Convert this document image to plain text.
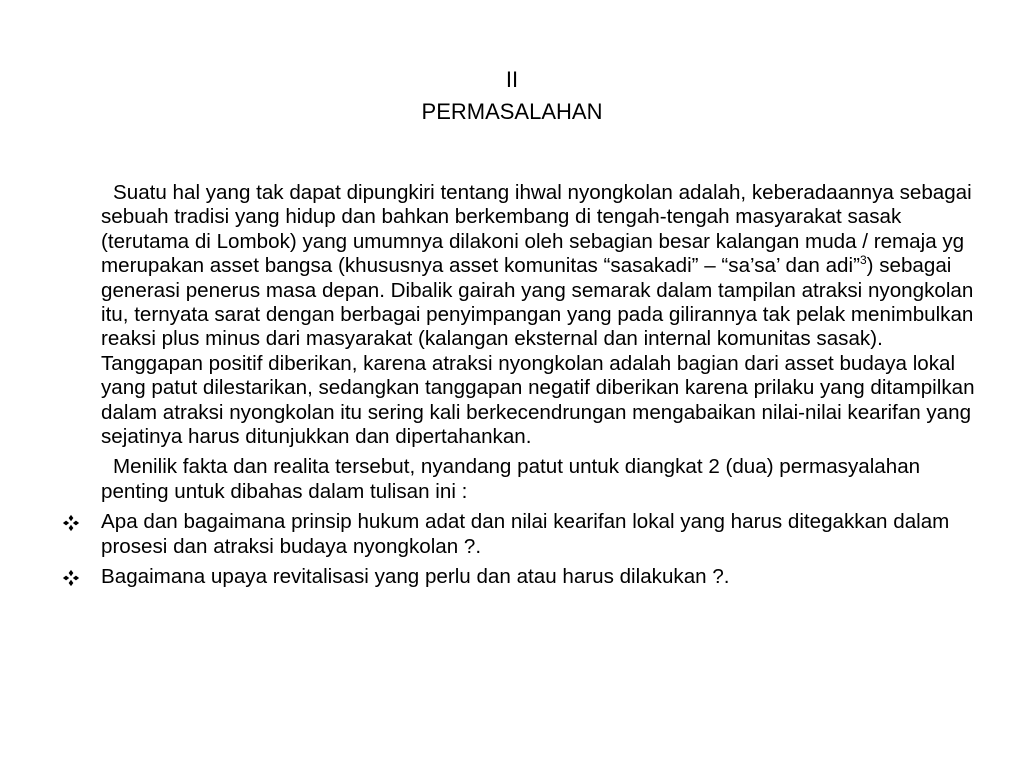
II
PERMASALAHAN

Suatu hal yang tak dapat dipungkiri tentang ihwal nyongkolan adalah, keberadaannya sebagai sebuah tradisi yang hidup dan bahkan berkembang di tengah-tengah masyarakat sasak (terutama di Lombok) yang umumnya dilakoni oleh sebagian besar kalangan muda / remaja yg merupakan asset bangsa (khususnya asset komunitas “sasakadi” – “sa’sa’ dan adi”$^3$) sebagai generasi penerus masa depan. Dibalik gairah yang semarak dalam tampilan atraksi nyongkolan itu, ternyata sarat dengan berbagai penyimpangan yang pada gilirannya tak pelak menimbulkan reaksi plus minus dari masyarakat (kalangan eksternal dan internal komunitas sasak). Tanggapan positif diberikan, karena atraksi nyongkolan adalah bagian dari asset budaya lokal yang patut dilestarikan, sedangkan tanggapan negatif diberikan karena prilaku yang ditampilkan dalam atraksi nyongkolan itu sering kali berkecendrungan mengabaikan nilai-nilai kearifan yang sejatinya harus ditunjukkan dan dipertahankan.

Menilik fakta dan realita tersebut, nyandang patut untuk diangkat 2 (dua) permasyalahan penting untuk dibahas dalam tulisan ini :

Apa dan bagaimana prinsip hukum adat dan nilai kearifan lokal yang harus ditegakkan dalam prosesi dan atraksi budaya nyongkolan ?.
Bagaimana upaya revitalisasi yang perlu dan atau harus dilakukan ?.
